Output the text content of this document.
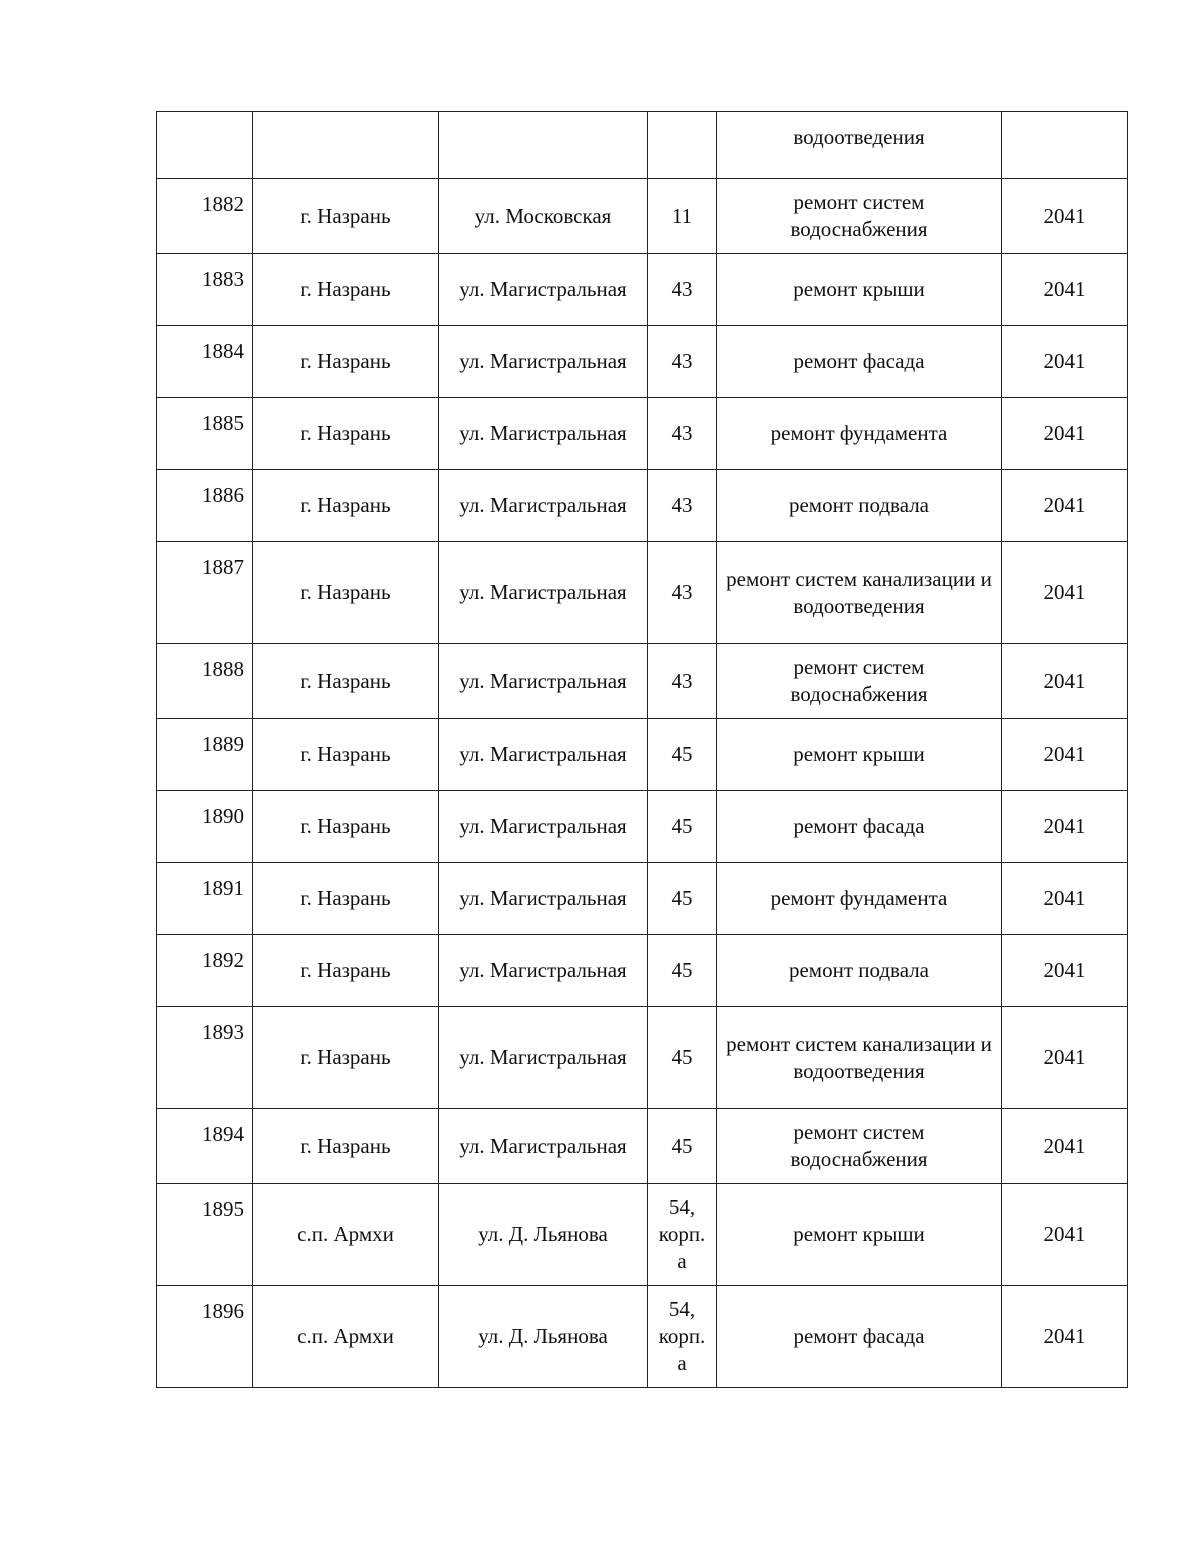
				водоотведения	
1882	г. Назрань	ул. Московская	11	ремонт систем водоснабжения	2041
1883	г. Назрань	ул. Магистральная	43	ремонт крыши	2041
1884	г. Назрань	ул. Магистральная	43	ремонт фасада	2041
1885	г. Назрань	ул. Магистральная	43	ремонт фундамента	2041
1886	г. Назрань	ул. Магистральная	43	ремонт подвала	2041
1887	г. Назрань	ул. Магистральная	43	ремонт систем канализации и водоотведения	2041
1888	г. Назрань	ул. Магистральная	43	ремонт систем водоснабжения	2041
1889	г. Назрань	ул. Магистральная	45	ремонт крыши	2041
1890	г. Назрань	ул. Магистральная	45	ремонт фасада	2041
1891	г. Назрань	ул. Магистральная	45	ремонт фундамента	2041
1892	г. Назрань	ул. Магистральная	45	ремонт подвала	2041
1893	г. Назрань	ул. Магистральная	45	ремонт систем канализации и водоотведения	2041
1894	г. Назрань	ул. Магистральная	45	ремонт систем водоснабжения	2041
1895	с.п. Армхи	ул. Д. Льянова	54, корп. а	ремонт крыши	2041
1896	с.п. Армхи	ул. Д. Льянова	54, корп. а	ремонт фасада	2041
